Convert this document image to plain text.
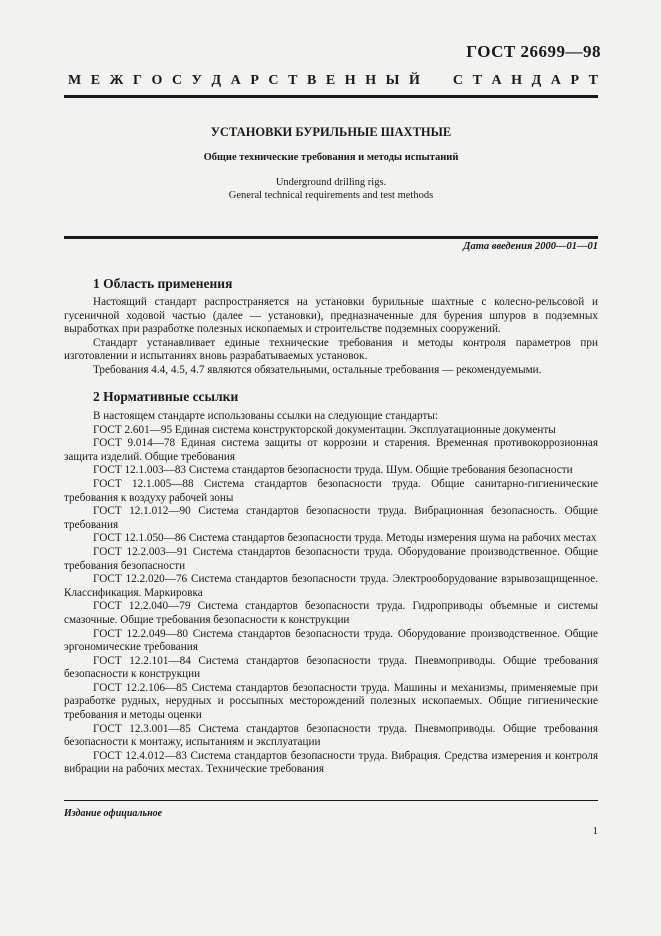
ГОСТ 26699—98
М Е Ж Г О С У Д А Р С Т В Е Н Н Ы Й С Т А Н Д А Р Т
УСТАНОВКИ БУРИЛЬНЫЕ ШАХТНЫЕ
Общие технические требования и методы испытаний
Underground drilling rigs.
General technical requirements and test methods
Дата введения 2000—01—01
1 Область применения

Настоящий стандарт распространяется на установки бурильные шахтные с колесно-рельсовой и гусеничной ходовой частью (далее — установки), предназначенные для бурения шпуров в подземных выработках при разработке полезных ископаемых и строительстве подземных сооружений.

Стандарт устанавливает единые технические требования и методы контроля параметров при изготовлении и испытаниях вновь разрабатываемых установок.

Требования 4.4, 4.5, 4.7 являются обязательными, остальные требования — рекомендуемыми.

2 Нормативные ссылки

В настоящем стандарте использованы ссылки на следующие стандарты:

ГОСТ 2.601—95 Единая система конструкторской документации. Эксплуатационные документы

ГОСТ 9.014—78 Единая система защиты от коррозии и старения. Временная противокоррозионная защита изделий. Общие требования

ГОСТ 12.1.003—83 Система стандартов безопасности труда. Шум. Общие требования безопасности

ГОСТ 12.1.005—88 Система стандартов безопасности труда. Общие санитарно-гигиенические требования к воздуху рабочей зоны

ГОСТ 12.1.012—90 Система стандартов безопасности труда. Вибрационная безопасность. Общие требования

ГОСТ 12.1.050—86 Система стандартов безопасности труда. Методы измерения шума на рабочих местах

ГОСТ 12.2.003—91 Система стандартов безопасности труда. Оборудование производственное. Общие требования безопасности

ГОСТ 12.2.020—76 Система стандартов безопасности труда. Электрооборудование взрывозащищенное. Классификация. Маркировка

ГОСТ 12.2.040—79 Система стандартов безопасности труда. Гидроприводы объемные и системы смазочные. Общие требования безопасности к конструкции

ГОСТ 12.2.049—80 Система стандартов безопасности труда. Оборудование производственное. Общие эргономические требования

ГОСТ 12.2.101—84 Система стандартов безопасности труда. Пневмоприводы. Общие требования безопасности к конструкции

ГОСТ 12.2.106—85 Система стандартов безопасности труда. Машины и механизмы, применяемые при разработке рудных, нерудных и россыпных месторождений полезных ископаемых. Общие гигиенические требования и методы оценки

ГОСТ 12.3.001—85 Система стандартов безопасности труда. Пневмоприводы. Общие требования безопасности к монтажу, испытаниям и эксплуатации

ГОСТ 12.4.012—83 Система стандартов безопасности труда. Вибрация. Средства измерения и контроля вибрации на рабочих местах. Технические требования

Издание официальное
1
